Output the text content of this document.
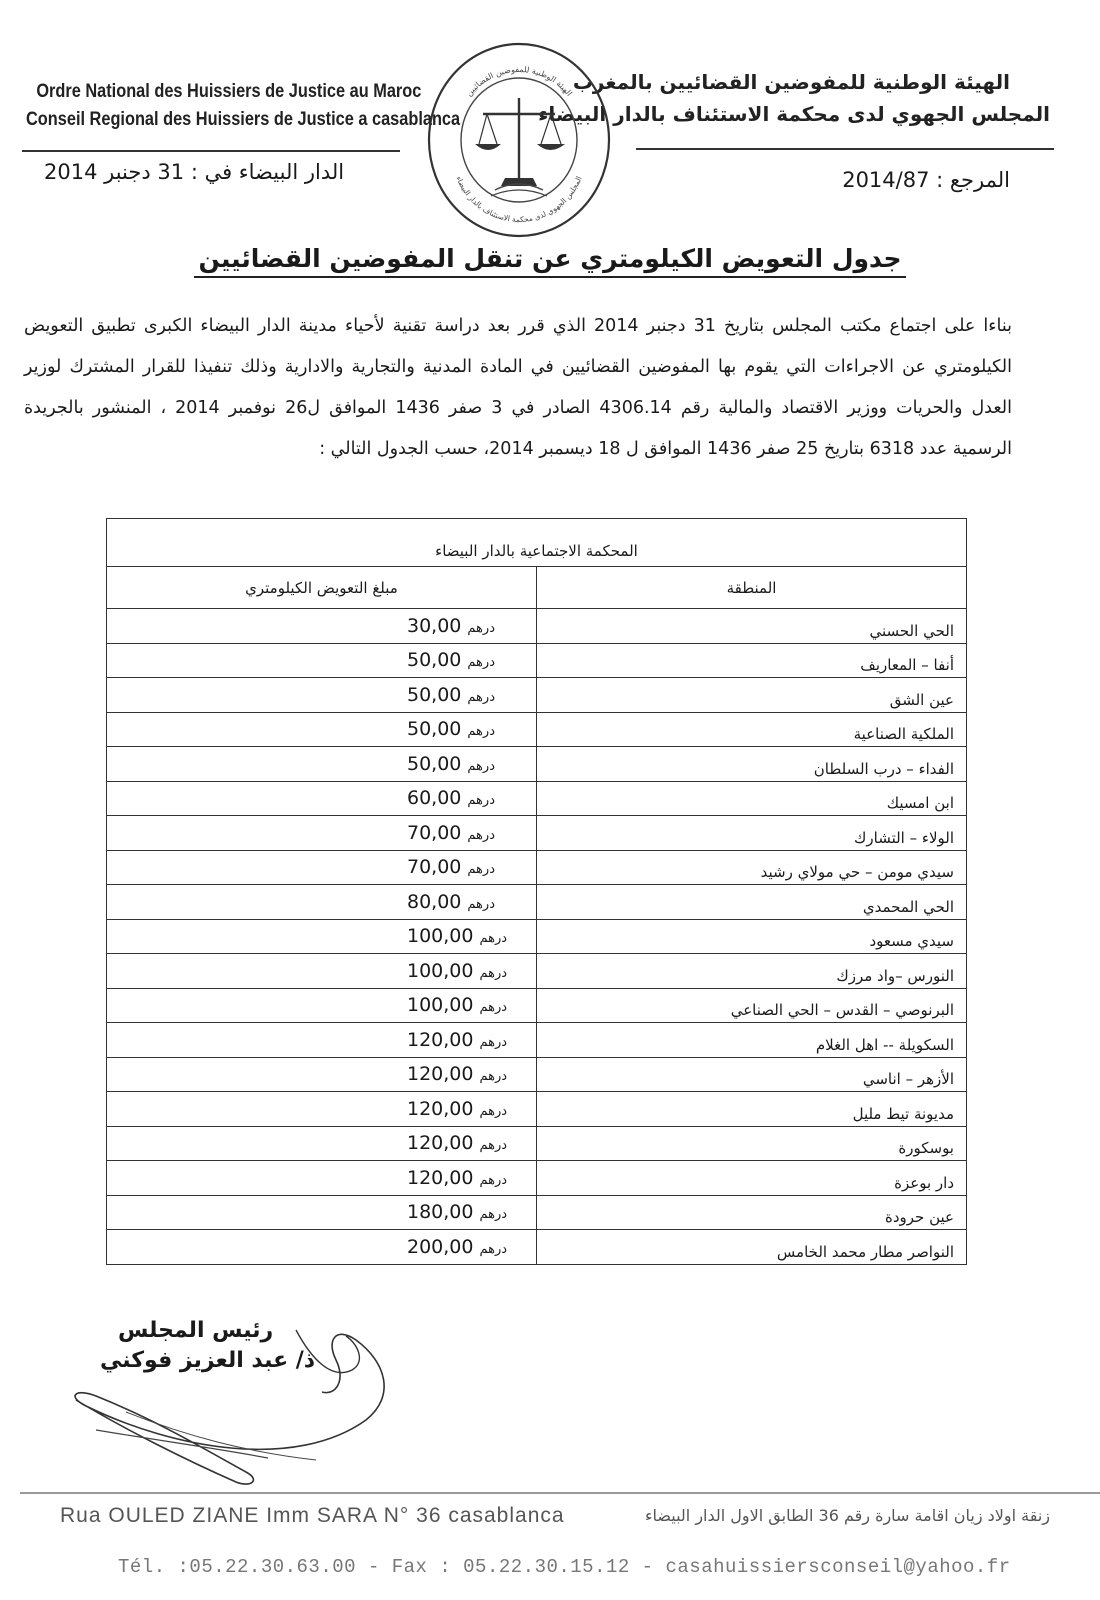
Ordre National des Huissiers de Justice au Maroc
Conseil Regional des Huissiers de Justice a casablanca
الهيئة الوطنية للمفوضين القضائيين بالمغرب
المجلس الجهوي لدى محكمة الاستئناف بالدار البيضاء
الهيئة الوطنية للمفوضين القضائيين
المجلس الجهوي لدى محكمة الاستئناف بالدار البيضاء
الدار البيضاء في : 31 دجنبر 2014	المرجع : 2014/87
جدول التعويض الكيلومتري عن تنقل المفوضين القضائيين
بناءا على اجتماع مكتب المجلس بتاريخ 31 دجنبر 2014 الذي قرر بعد دراسة تقنية لأحياء مدينة الدار البيضاء الكبرى تطبيق التعويض الكيلومتري عن الاجراءات التي يقوم بها المفوضين القضائيين في المادة المدنية والتجارية والادارية وذلك تنفيذا للقرار المشترك لوزير العدل والحريات ووزير الاقتصاد والمالية رقم 4306.14 الصادر في 3 صفر 1436 الموافق ل26 نوفمبر 2014 ، المنشور بالجريدة الرسمية عدد 6318 بتاريخ 25 صفر 1436 الموافق ل 18 ديسمبر 2014، حسب الجدول التالي :
المحكمة الاجتماعية بالدار البيضاء	
المنطقة	مبلغ التعويض الكيلومتري
الحي الحسني	30,00 درهم
أنفا – المعاريف	50,00 درهم
عين الشق	50,00 درهم
الملكية الصناعية	50,00 درهم
الفداء – درب السلطان	50,00 درهم
ابن امسيك	60,00 درهم
الولاء – التشارك	70,00 درهم
سيدي مومن – حي مولاي رشيد	70,00 درهم
الحي المحمدي	80,00 درهم
سيدي مسعود	100,00 درهم
النورس –واد مرزك	100,00 درهم
البرنوصي – القدس – الحي الصناعي	100,00 درهم
السكويلة -- اهل الغلام	120,00 درهم
الأزهر – اناسي	120,00 درهم
مديونة تيط مليل	120,00 درهم
بوسكورة	120,00 درهم
دار بوعزة	120,00 درهم
عين حرودة	180,00 درهم
النواصر مطار محمد الخامس	200,00 درهم
رئيس المجلس
ذ/ عبد العزيز فوكني
Rua OULED ZIANE Imm SARA N° 36 casablanca	زنقة اولاد زيان اقامة سارة رقم 36 الطابق الاول الدار البيضاء
Tél. :05.22.30.63.00 - Fax : 05.22.30.15.12 - casahuissiersconseil@yahoo.fr
